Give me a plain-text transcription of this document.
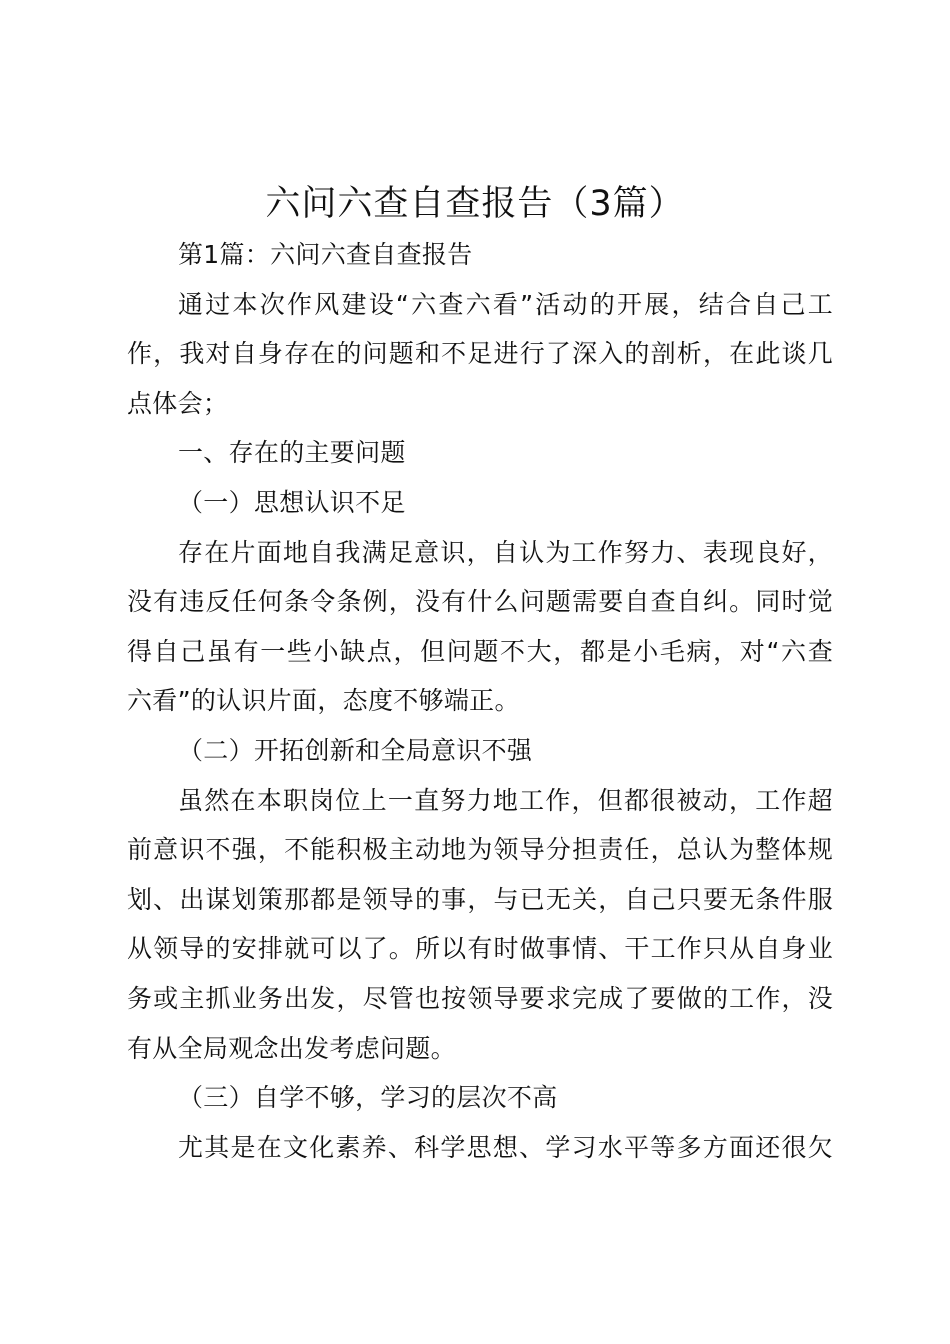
六问六查自查报告（3篇）
第1篇：六问六查自查报告
通过本次作风建设“六查六看”活动的开展，结合自己工
作，我对自身存在的问题和不足进行了深入的剖析，在此谈几
点体会；
一、存在的主要问题
（一）思想认识不足
存在片面地自我满足意识，自认为工作努力、表现良好，
没有违反任何条令条例，没有什么问题需要自查自纠。同时觉
得自己虽有一些小缺点，但问题不大，都是小毛病，对“六查
六看”的认识片面，态度不够端正。
（二）开拓创新和全局意识不强
虽然在本职岗位上一直努力地工作，但都很被动，工作超
前意识不强，不能积极主动地为领导分担责任，总认为整体规
划、出谋划策那都是领导的事，与已无关，自己只要无条件服
从领导的安排就可以了。所以有时做事情、干工作只从自身业
务或主抓业务出发，尽管也按领导要求完成了要做的工作，没
有从全局观念出发考虑问题。
（三）自学不够，学习的层次不高
尤其是在文化素养、科学思想、学习水平等多方面还很欠
